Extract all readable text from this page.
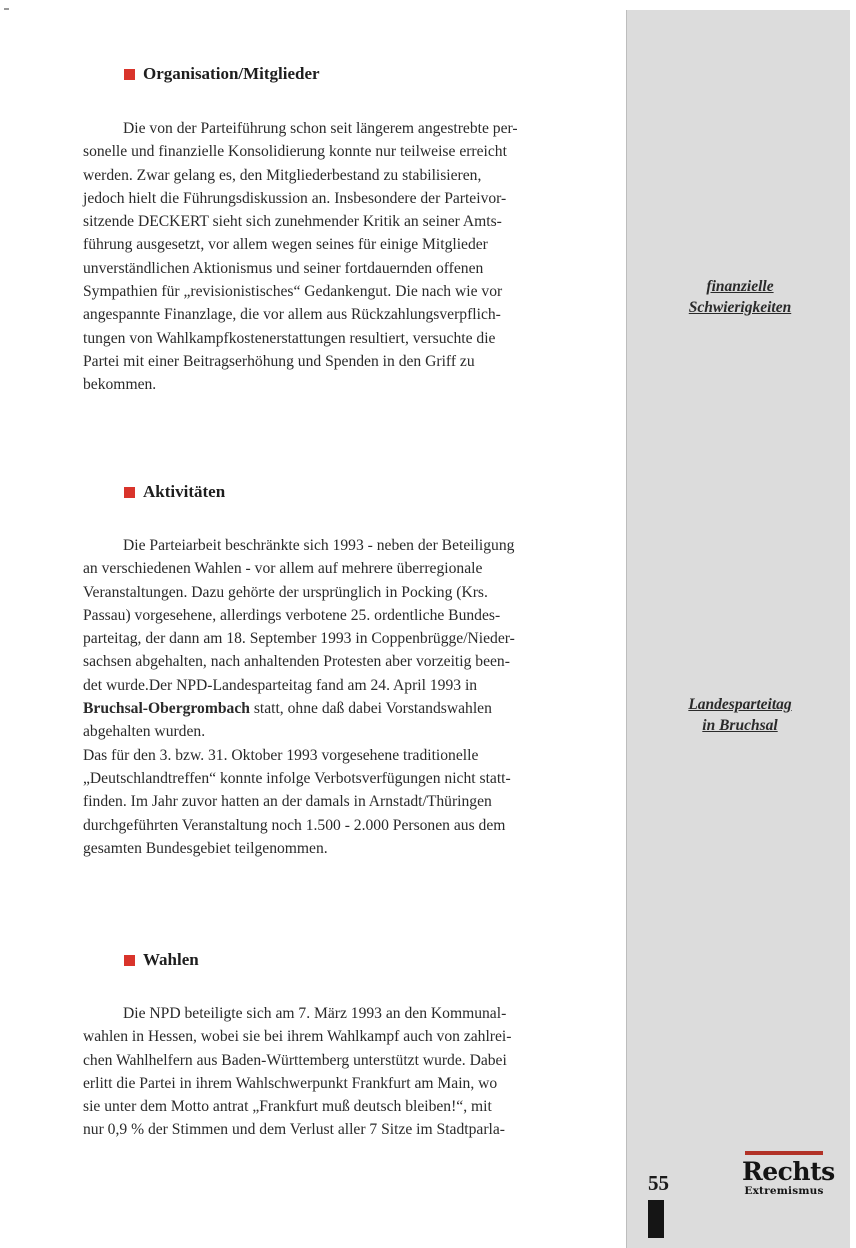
Organisation/Mitglieder
Die von der Parteiführung schon seit längerem angestrebte per-
sonelle und finanzielle Konsolidierung konnte nur teilweise erreicht
werden. Zwar gelang es, den Mitgliederbestand zu stabilisieren,
jedoch hielt die Führungsdiskussion an. Insbesondere der Parteivor-
sitzende DECKERT sieht sich zunehmender Kritik an seiner Amts-
führung ausgesetzt, vor allem wegen seines für einige Mitglieder
unverständlichen Aktionismus und seiner fortdauernden offenen
Sympathien für „revisionistisches“ Gedankengut. Die nach wie vor
angespannte Finanzlage, die vor allem aus Rückzahlungsverpflich-
tungen von Wahlkampfkostenerstattungen resultiert, versuchte die
Partei mit einer Beitragserhöhung und Spenden in den Griff zu
bekommen.
Aktivitäten
Die Parteiarbeit beschränkte sich 1993 - neben der Beteiligung
an verschiedenen Wahlen - vor allem auf mehrere überregionale
Veranstaltungen. Dazu gehörte der ursprünglich in Pocking (Krs.
Passau) vorgesehene, allerdings verbotene 25. ordentliche Bundes-
parteitag, der dann am 18. September 1993 in Coppenbrügge/Nieder-
sachsen abgehalten, nach anhaltenden Protesten aber vorzeitig been-
det wurde.Der NPD-Landesparteitag fand am 24. April 1993 in
Bruchsal-Obergrombach statt, ohne daß dabei Vorstandswahlen
abgehalten wurden.
Das für den 3. bzw. 31. Oktober 1993 vorgesehene traditionelle
„Deutschlandtreffen“ konnte infolge Verbotsverfügungen nicht statt-
finden. Im Jahr zuvor hatten an der damals in Arnstadt/Thüringen
durchgeführten Veranstaltung noch 1.500 - 2.000 Personen aus dem
gesamten Bundesgebiet teilgenommen.
Wahlen
Die NPD beteiligte sich am 7. März 1993 an den Kommunal-
wahlen in Hessen, wobei sie bei ihrem Wahlkampf auch von zahlrei-
chen Wahlhelfern aus Baden-Württemberg unterstützt wurde. Dabei
erlitt die Partei in ihrem Wahlschwerpunkt Frankfurt am Main, wo
sie unter dem Motto antrat „Frankfurt muß deutsch bleiben!“, mit
nur 0,9 % der Stimmen und dem Verlust aller 7 Sitze im Stadtparla-
finanzielle
Schwierigkeiten
Landesparteitag
in Bruchsal
55	Rechts
Extremismus
